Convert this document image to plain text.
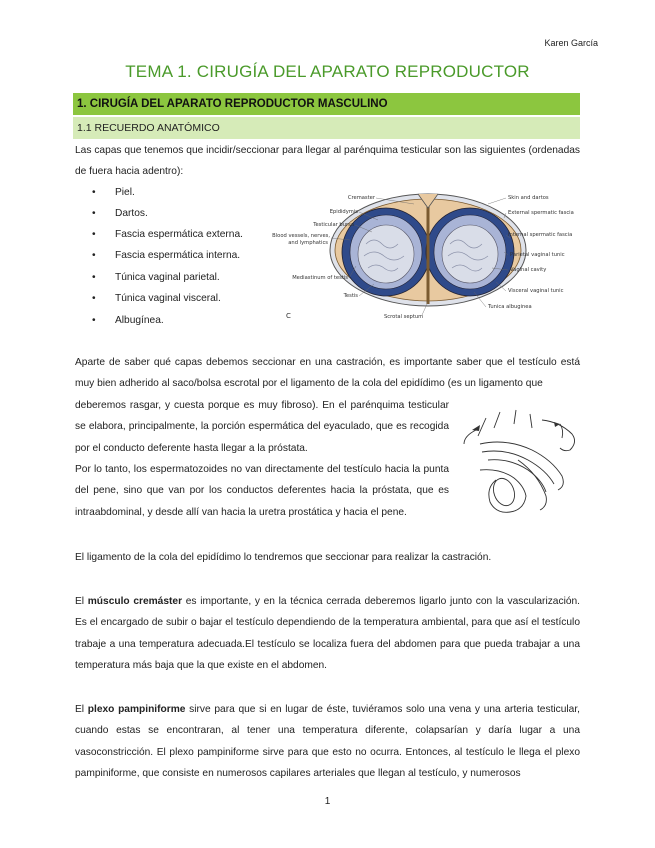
Karen García
TEMA 1. CIRUGÍA DEL APARATO REPRODUCTOR
1. CIRUGÍA DEL APARATO REPRODUCTOR MASCULINO
1.1 RECUERDO ANATÓMICO
Las capas que tenemos que incidir/seccionar para llegar al parénquima testicular son las siguientes (ordenadas de fuera hacia adentro):
• Piel.
• Dartos.
• Fascia espermática externa.
• Fascia espermática interna.
• Túnica vaginal parietal.
• Túnica vaginal visceral.
• Albugínea.
Cremaster
Epididymis
Testicular bursa
Blood vessels, nerves,
and lymphatics
Mediastinum of testis
Testis
Skin and dartos
External spermatic fascia
Internal spermatic fascia
Parietal vaginal tunic
Vaginal cavity
Visceral vaginal tunic
Tunica albuginea
Scrotal septum
C
Aparte de saber qué capas debemos seccionar en una castración, es importante saber que el testículo está muy bien adherido al saco/bolsa escrotal por el ligamento de la cola del epidídimo (es un ligamento que
deberemos rasgar, y cuesta porque es muy fibroso). En el parénquima testicular se elabora, principalmente, la porción espermática del eyaculado, que es recogida por el conducto deferente hasta llegar a la próstata.
Por lo tanto, los espermatozoides no van directamente del testículo hacia la punta del pene, sino que van por los conductos deferentes hacia la próstata, que es intraabdominal, y desde allí van hacia la uretra prostática y hacia el pene.
El ligamento de la cola del epidídimo lo tendremos que seccionar para realizar la castración.
El músculo cremáster es importante, y en la técnica cerrada deberemos ligarlo junto con la vascularización. Es el encargado de subir o bajar el testículo dependiendo de la temperatura ambiental, para que así el testículo trabaje a una temperatura adecuada.El testículo se localiza fuera del abdomen para que pueda trabajar a una temperatura más baja que la que existe en el abdomen.
El plexo pampiniforme sirve para que si en lugar de éste, tuviéramos solo una vena y una arteria testicular, cuando estas se encontraran, al tener una temperatura diferente, colapsarían y daría lugar a una vasoconstricción. El plexo pampiniforme sirve para que esto no ocurra. Entonces, al testículo le llega el plexo pampiniforme, que consiste en numerosos capilares arteriales que llegan al testículo, y numerosos
1
